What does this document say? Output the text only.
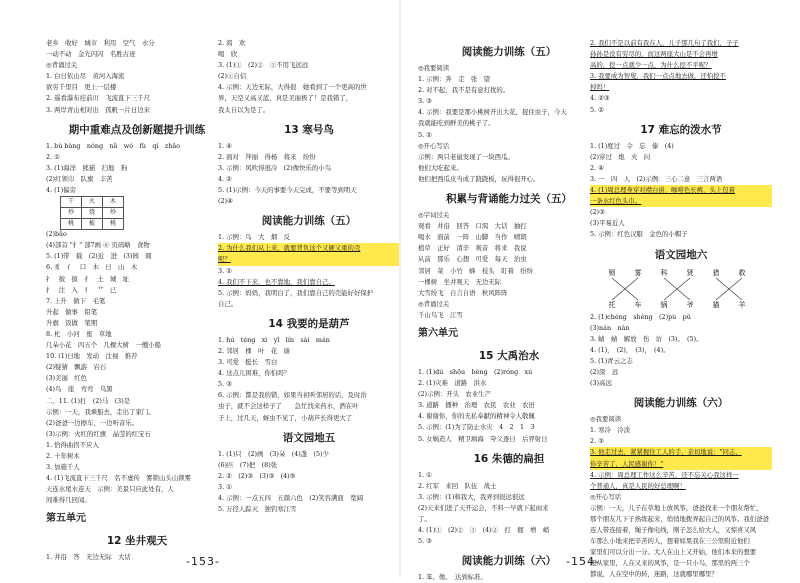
老乡　收好　城市　利用　空气　水分
一动不动　金光闪闪　名胜古迹
◎背诵过关
1. 白日依山尽　黄河入海流
欲穷千里目　更上一层楼
2. 遥看瀑布挂前川　飞流直下三千尺
3. 两岸青山相对出　孤帆一片日边来
期中重难点及创新题提升训练
1. bù bàng　nóng　nǎ　wó　fù　qí　zhǎo
2. ①
3. (1)海洋　熊猫　扫地　狗
(2)红领巾　队旗　丰苦
4. (1)偏旁
干 火 木
炒 烧 炒
桃 梳 桃
(2)bǎo
(4)部首 "扌" 部7画 ⑥ 页码略　食物
5. (1)带　载　(2)近　进　(3)园　圆
6. 豸　亻　口　木　日　山　木
扌　披　拔　扌　土　城　址
扌　注　入　亻　艹　已
7. 上升　做下　毛笔
升起　做事　铅笔
升旗　饭做　笔期
8. 朼　小河　座　草地
几朵小花　四五个　几棵大树　一艘小船
10. (1)日地　发动　注视　推荐
(2)疑猜　飘游　岩石
(3)美丽　红色
(4)鸟　座　弯弯　乌黑
二、11. (1)打　(2)马　(3)是
示例：一天，我乘船去，走出了家门。
(2)爸爸一边擦车，一边听音乐。
(3)示例：火红的红旗　晶莹的红宝石
1. 恰得曲拐不应入
2. 十年树木
3. 加施千人
4. (1)飞流直下三千尺　名不虚传　雾锁山头山锁雾
天连水尾水连天　示例：美景只应此处有，人
间难得几回闻。
第五单元
12 坐井观天
1. 井沿　答　无边无际　大话
2. 渴　欢
喝　欣
3. (1)①　(2)②　③不用飞远远
(2)①自信
4. 示例：天边无际，大得很　她看到了一个更高的世
界，天空又高又蓝，真是美丽极了！是我错了，
我太自以为是了。
13 寒号鸟
1. ④
2. 面对　拜丽　得杨　将来　纷纷
3. 示例：风吹得很冷　(2)像快乐的小鸟
4. ②
5. (1)示例：今天的事要今天完成，不要等到明天
(2)④
阅读能力训练（五）
1. 示例：鸟　大　烟　反
2. 为什么我们从上来，就要背负这个又硬又重的壳
呢？
3. ②
4. 我们不下来，也不靠地，我们靠自己。
5. 示例：妈妈，我明白了，我们靠自己的壳能好好保护
自己。
14 我要的是葫芦
1. hú　téng　xì　yǐ　lín　sài　mán
2. 邻居　棵　叶　花　谢
3. 可爱　挺长　雪白
4. 这点儿困难，你怕吗？
5. ③
6. 示例：都是我的错，如果当初听邻居的话，及时治
虫子，就不会这样子了　　急忙找来药水，洒在叶
子上，过几天，蚜虫不见了，小葫芦长得更大了
语文园地五
1. (1)只　(2)画　(3)朵　(4)盏　(5)少
(6)匹　(7)把　(8)张
2. ②　(2)③　(3)③　(4)⑤
3. ①
4. 示例：一点五四　五颜六色　(2)笑容满面　宽阔
5. 万径人踪灭　独钓寒江雪
-153-
阅读能力训练（五）
◎我要阅读
1. 示例：奔　走　张　望
2. 对不起，我不是有意打扰的。
3. ③
4. 示例：我要是那小桃树开出大花，捉住虫子，今天
我就能吃到鲜美的桃子了。
5. ②
◎开心写话
示例：两只老鼠发现了一块西瓜。
他们大吃起来。
他们把西瓜皮当成了跷跷板，玩得很开心。
积累与背诵能力过关（五）
◎字词过关
观看　井沿　回答　口渴　大话　抽打
喝水　面前　一阵　山脚　当作　晴朗
植草　正好　清辛　观音　将来　我说
从前　那乐　心想　可爱　每天　治虫
邻居　菜　小竹　蜂　枝头　盯着　纷纷
一棵树　坐井观天　无边无际
大雪纷飞　自言自语　秋风阵阵
◎背诵过关
千山鸟飞　江雪
第六单元
15 大禹治水
1. (1)dú　shōu　bèng　(2)róng　xú
2. (1)灾难　道路　洪水
(2)示例：开头　农业生产
3. 道路　播种　治理　农民　农业　农田
4. 谢谢你，你的无私奉献的精神令人敬佩
5. 示例：(1)为了防止水灾　4　2　1　3
5. 女娲造人　精卫填海　夸父逐日　后羿射日
16 朱德的扁担
1. ①
2. 红军　来回　队伍　战士
3. 示例：(1)和我大，我弄到很远很远
(2)天来们进了天开运会，不料一早就下起雨来
了。
4. (1)①　(2)②　③　(4)②　打　握　增　峭
5. ③
阅读能力训练（六）
1. 笨。像。　达到标准。
2. 我们不是以前有我在人，儿子那几句了我们，子子
孙孙是没有穷尽的，而这两座大山是不会再增
高的，挖一点就少一点，为什么挖不平呢？
3. 我要成为智叟，我们一点点地去做，还怕挖不
掉吗！
4. ②③
5. ②
17 难忘的泼水节
1. (1)度过　令　忘　傣　(4)
(2)穿过　炮　火　问
2. ④
3. 一　四　人　(2)示例：三心二意　三言两语
4. (1)周总理身穿对襟白褂，咖啡色长裤，头上包着
一条水红色头巾。
(2)③
(3)平易近人
5. 示例：红色汉服　金色的小帽子
语文园地六
锁	雾	科	贤	猎	救
托	车	锅	爷	猫	羊
2. (1)chéng　shèng　(2)pù　pǔ
(3)nán　nàn
3. 蜻　蜻　解放　伤　访　(3)。　(5)。
4. (1)，　(2)，　(3)，　(4)。
5. (1)青云之志
(2)深　远
(3)高远
阅读能力训练（六）
◎我要阅读
1. 寒冷　冷淡
2. ③
3. 他走过去，紧紧握住工人的手，亲切地说："同志，
你辛苦了，人民感谢你！"
4. 示例：周总理工作这么辛苦，还不忘关心我这样一
个普通人，真是人民的好总理啊！
◎开心写话
示例：一天，儿子在草地上放风筝，爸爸找来一个朋友帮忙，
那个朋友几下子熟练起来，悄悄地拨弄起自己的风筝。我们爸爸
连人带连接着，绳子像电线，刚子怎么给大人，又惊喜又风
车那么小地来把辛苦的人，想着如果我在三公里附近他们
家里们可以分出一分。大人在山上又开始，他们本来的想要
跟从家里，人在又来的风筝，是一只小鸟，那里的两三个
都说，人在空中的转，迷路，这就哪里哪里？
-154-
